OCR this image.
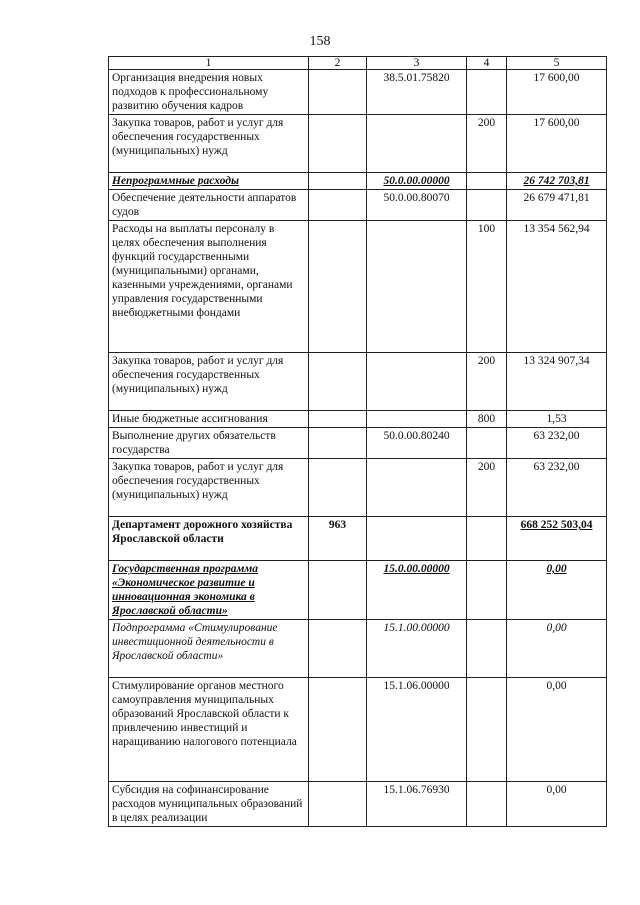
158
1	2	3	4	5
Организация внедрения новых подходов к профессиональному развитию обучения кадров		38.5.01.75820		17 600,00
Закупка товаров, работ и услуг для обеспечения государственных (муниципальных) нужд			200	17 600,00
Непрограммные расходы		50.0.00.00000		26 742 703,81
Обеспечение деятельности аппаратов судов		50.0.00.80070		26 679 471,81
Расходы на выплаты персоналу в целях обеспечения выполнения функций государственными (муниципальными) органами, казенными учреждениями, органами управления государственными внебюджетными фондами			100	13 354 562,94
Закупка товаров, работ и услуг для обеспечения государственных (муниципальных) нужд			200	13 324 907,34
Иные бюджетные ассигнования			800	1,53
Выполнение других обязательств государства		50.0.00.80240		63 232,00
Закупка товаров, работ и услуг для обеспечения государственных (муниципальных) нужд			200	63 232,00
Департамент дорожного хозяйства Ярославской области	963			668 252 503,04
Государственная программа «Экономическое развитие и инновационная экономика в Ярославской области»		15.0.00.00000		0,00
Подпрограмма «Стимулирование инвестиционной деятельности в Ярославской области»		15.1.00.00000		0,00
Стимулирование органов местного самоуправления муниципальных образований Ярославской области к привлечению инвестиций и наращиванию налогового потенциала		15.1.06.00000		0,00
Субсидия на софинансирование расходов муниципальных образований в целях реализации		15.1.06.76930		0,00
